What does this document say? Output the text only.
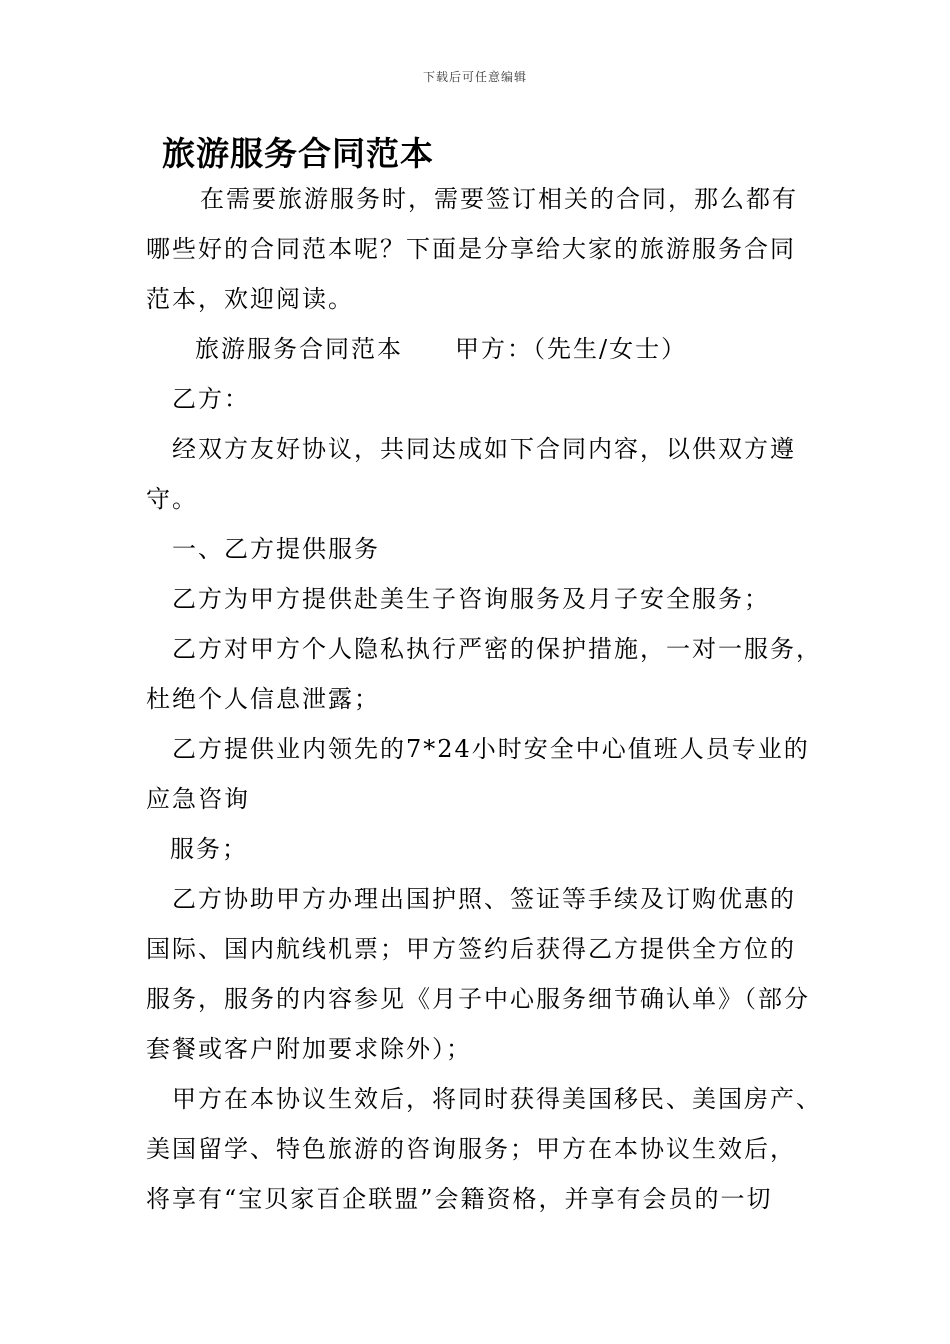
下载后可任意编辑
旅游服务合同范本
在需要旅游服务时，需要签订相关的合同，那么都有
哪些好的合同范本呢？下面是分享给大家的旅游服务合同
范本，欢迎阅读。
旅游服务合同范本　　甲方：（先生/女士）
乙方：
经双方友好协议，共同达成如下合同内容，以供双方遵
守。
一、乙方提供服务
乙方为甲方提供赴美生子咨询服务及月子安全服务；
乙方对甲方个人隐私执行严密的保护措施，一对一服务，
杜绝个人信息泄露；
乙方提供业内领先的7*24小时安全中心值班人员专业的
应急咨询
服务；
乙方协助甲方办理出国护照、签证等手续及订购优惠的
国际、国内航线机票；甲方签约后获得乙方提供全方位的
服务，服务的内容参见《月子中心服务细节确认单》（部分
套餐或客户附加要求除外）；
甲方在本协议生效后，将同时获得美国移民、美国房产、
美国留学、特色旅游的咨询服务；甲方在本协议生效后，
将享有“宝贝家百企联盟”会籍资格，并享有会员的一切
